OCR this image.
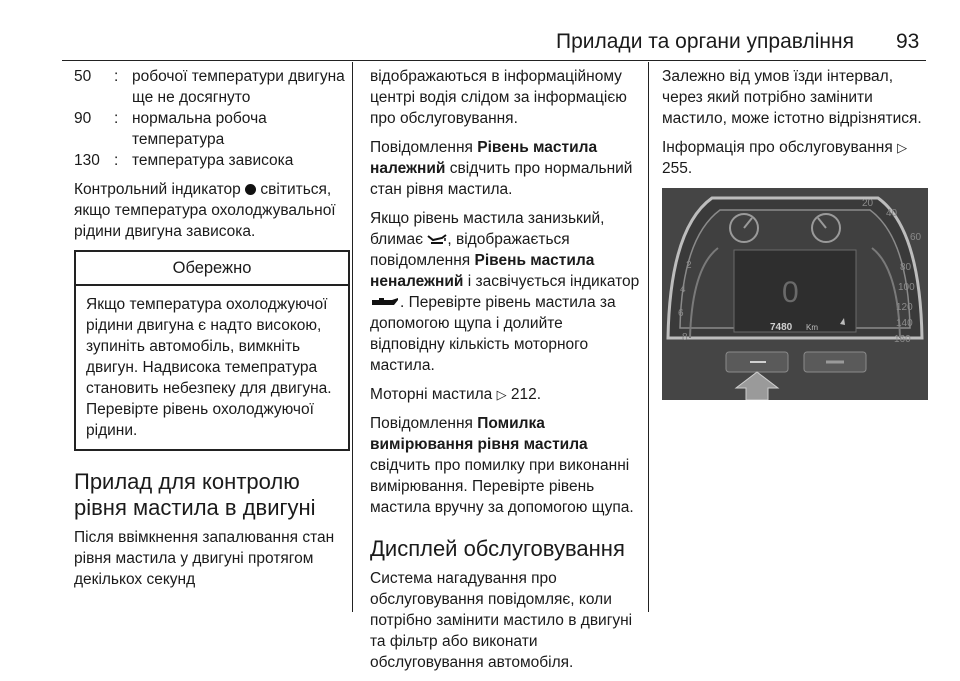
Прилади та органи управління 93
50	:	робочої температури двигуна ще не досягнуто
90	:	нормальна робоча температура
130	:	температура зависока

Контрольний індикатор світиться, якщо температура охолоджувальної рідини двигуна зависока.

Обережно
Якщо температура охолоджуючої рідини двигуна є надто високою, зупиніть автомобіль, вимкніть двигун. Надвисока темепратура становить небезпеку для двигуна. Перевірте рівень охолоджуючої рідини.
Прилад для контролю рівня мастила в двигуні

Після ввімкнення запалювання стан рівня мастила у двигуні протягом декількох секунд

відображаються в інформаційному центрі водія слідом за інформацією про обслуговування.

Повідомлення Рівень мастила належний свідчить про нормальний стан рівня мастила.

Якщо рівень мастила занизький, блимає , відображається повідомлення Рівень мастила неналежний і засвічується індикатор . Перевірте рівень мастила за допомогою щупа і долийте відповідну кількість моторного мастила.

Моторні мастила ▷ 212.

Повідомлення Помилка вимірювання рівня мастила свідчить про помилку при виконанні вимірювання. Перевірте рівень мастила вручну за допомогою щупа.

Дисплей обслуговування

Система нагадування про обслуговування повідомляє, коли потрібно замінити мастило в двигуні та фільтр або виконати обслуговування автомобіля.

Залежно від умов їзди інтервал, через який потрібно замінити мастило, може істотно відрізнятися.

Інформація про обслуговування ▷ 255.

60
80
100
120
140
160
40
20
2
4
6
8
0
7480 Km
